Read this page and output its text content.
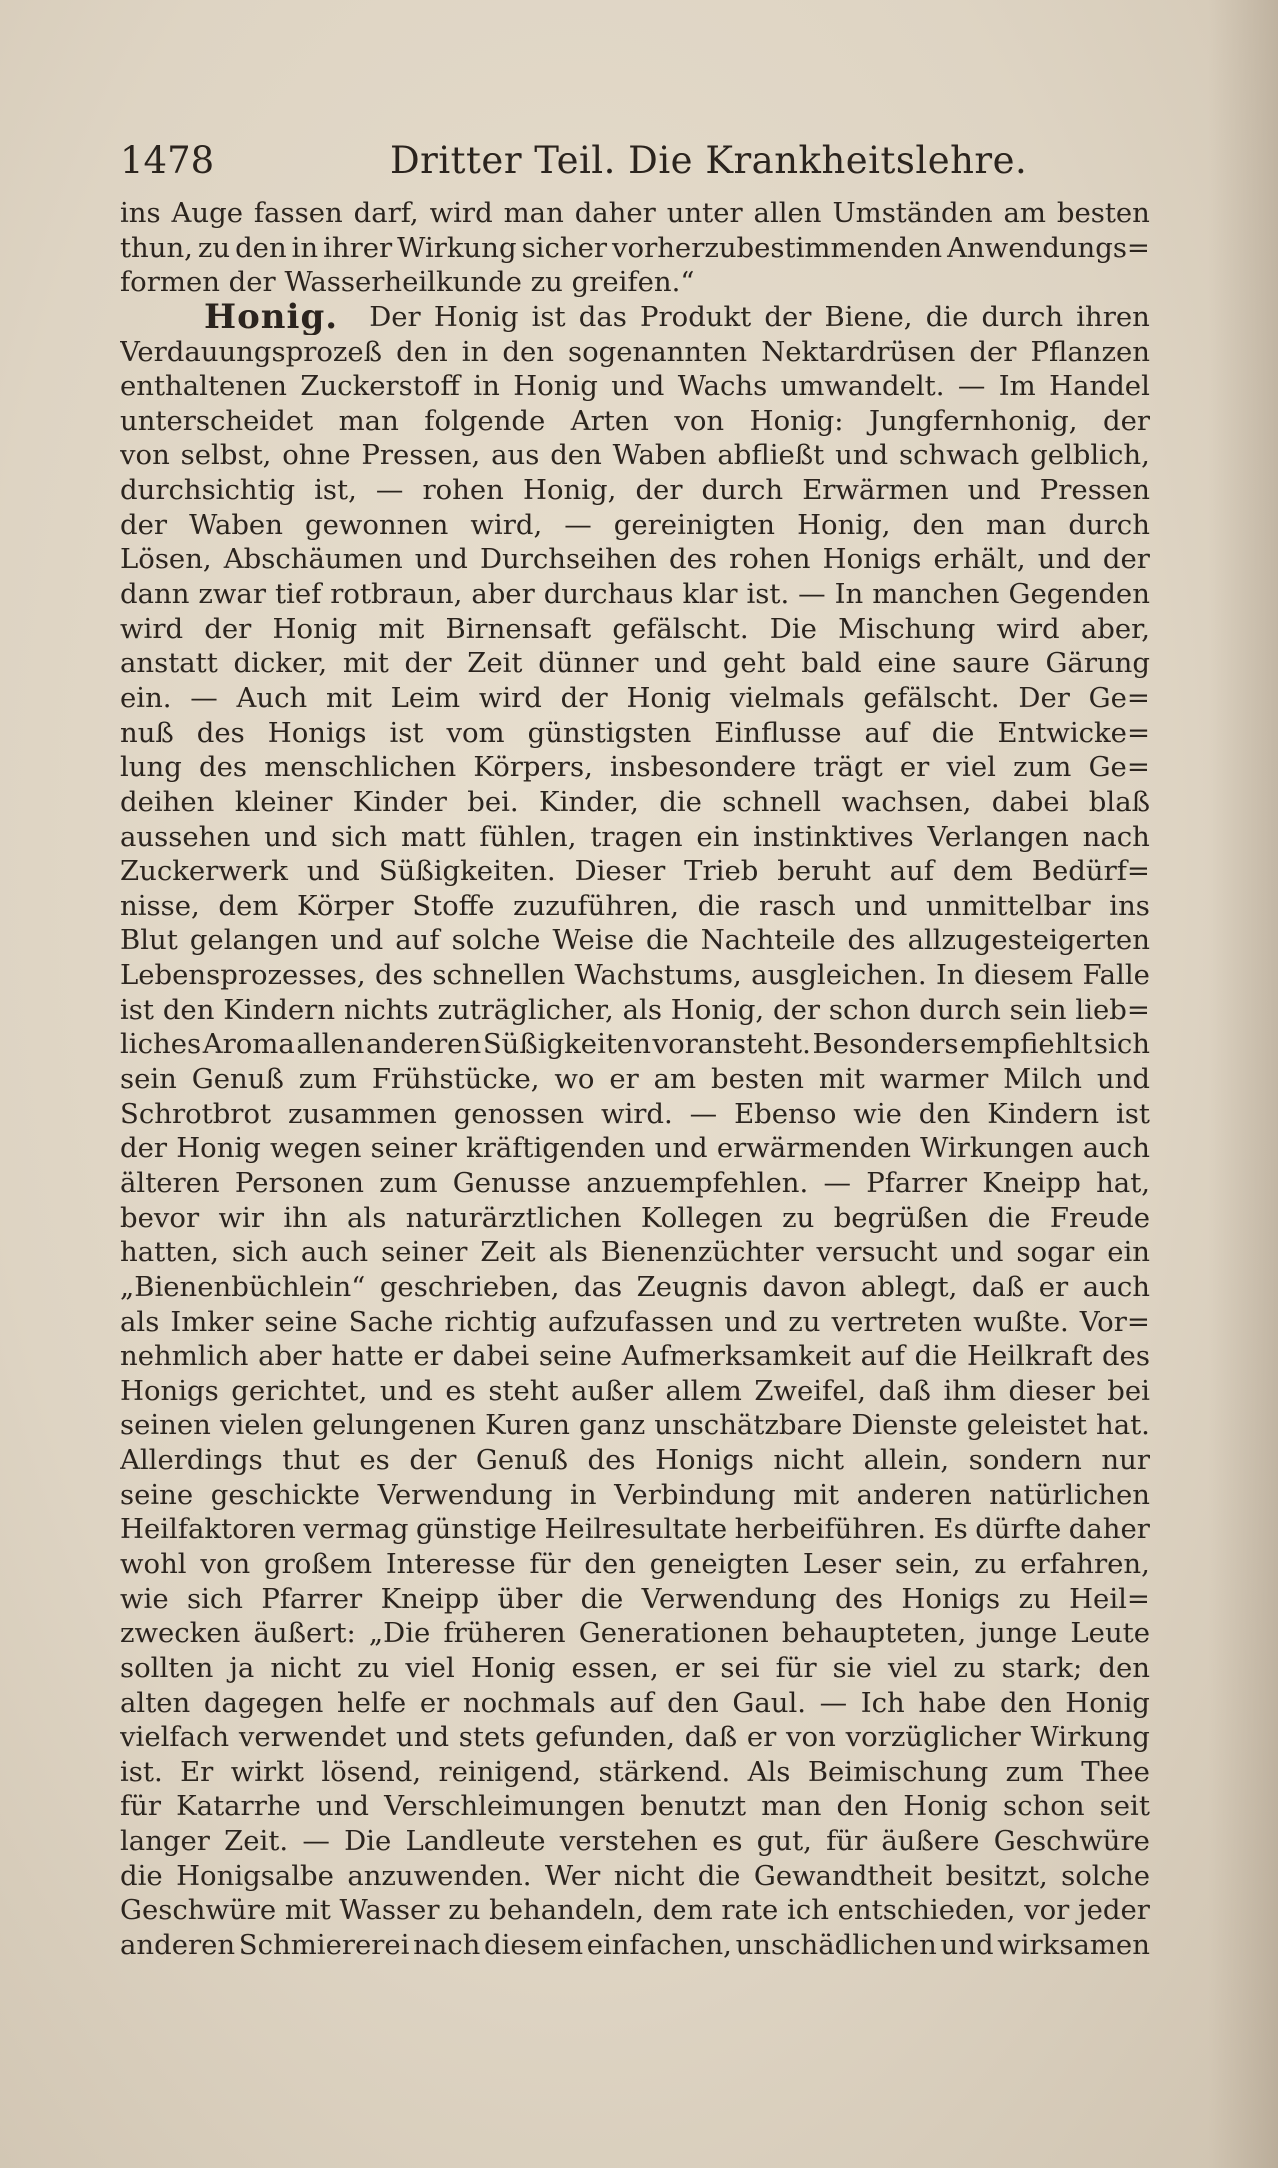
1478	Dritter Teil. Die Krankheitslehre.
ins Auge fassen darf, wird man daher unter allen Umständen am besten
thun, zu den in ihrer Wirkung sicher vorherzubestimmenden Anwendungs=
formen der Wasserheilkunde zu greifen.“
Honig. Der Honig ist das Produkt der Biene, die durch ihren
Verdauungsprozeß den in den sogenannten Nektardrüsen der Pflanzen
enthaltenen Zuckerstoff in Honig und Wachs umwandelt. — Im Handel
unterscheidet man folgende Arten von Honig: Jungfernhonig, der
von selbst, ohne Pressen, aus den Waben abfließt und schwach gelblich,
durchsichtig ist, — rohen Honig, der durch Erwärmen und Pressen
der Waben gewonnen wird, — gereinigten Honig, den man durch
Lösen, Abschäumen und Durchseihen des rohen Honigs erhält, und der
dann zwar tief rotbraun, aber durchaus klar ist. — In manchen Gegenden
wird der Honig mit Birnensaft gefälscht. Die Mischung wird aber,
anstatt dicker, mit der Zeit dünner und geht bald eine saure Gärung
ein. — Auch mit Leim wird der Honig vielmals gefälscht. Der Ge=
nuß des Honigs ist vom günstigsten Einflusse auf die Entwicke=
lung des menschlichen Körpers, insbesondere trägt er viel zum Ge=
deihen kleiner Kinder bei. Kinder, die schnell wachsen, dabei blaß
aussehen und sich matt fühlen, tragen ein instinktives Verlangen nach
Zuckerwerk und Süßigkeiten. Dieser Trieb beruht auf dem Bedürf=
nisse, dem Körper Stoffe zuzuführen, die rasch und unmittelbar ins
Blut gelangen und auf solche Weise die Nachteile des allzugesteigerten
Lebensprozesses, des schnellen Wachstums, ausgleichen. In diesem Falle
ist den Kindern nichts zuträglicher, als Honig, der schon durch sein lieb=
liches Aroma allen anderen Süßigkeiten voransteht. Besonders empfiehlt sich
sein Genuß zum Frühstücke, wo er am besten mit warmer Milch und
Schrotbrot zusammen genossen wird. — Ebenso wie den Kindern ist
der Honig wegen seiner kräftigenden und erwärmenden Wirkungen auch
älteren Personen zum Genusse anzuempfehlen. — Pfarrer Kneipp hat,
bevor wir ihn als naturärztlichen Kollegen zu begrüßen die Freude
hatten, sich auch seiner Zeit als Bienenzüchter versucht und sogar ein
„Bienenbüchlein“ geschrieben, das Zeugnis davon ablegt, daß er auch
als Imker seine Sache richtig aufzufassen und zu vertreten wußte. Vor=
nehmlich aber hatte er dabei seine Aufmerksamkeit auf die Heilkraft des
Honigs gerichtet, und es steht außer allem Zweifel, daß ihm dieser bei
seinen vielen gelungenen Kuren ganz unschätzbare Dienste geleistet hat.
Allerdings thut es der Genuß des Honigs nicht allein, sondern nur
seine geschickte Verwendung in Verbindung mit anderen natürlichen
Heilfaktoren vermag günstige Heilresultate herbeiführen. Es dürfte daher
wohl von großem Interesse für den geneigten Leser sein, zu erfahren,
wie sich Pfarrer Kneipp über die Verwendung des Honigs zu Heil=
zwecken äußert: „Die früheren Generationen behaupteten, junge Leute
sollten ja nicht zu viel Honig essen, er sei für sie viel zu stark; den
alten dagegen helfe er nochmals auf den Gaul. — Ich habe den Honig
vielfach verwendet und stets gefunden, daß er von vorzüglicher Wirkung
ist. Er wirkt lösend, reinigend, stärkend. Als Beimischung zum Thee
für Katarrhe und Verschleimungen benutzt man den Honig schon seit
langer Zeit. — Die Landleute verstehen es gut, für äußere Geschwüre
die Honigsalbe anzuwenden. Wer nicht die Gewandtheit besitzt, solche
Geschwüre mit Wasser zu behandeln, dem rate ich entschieden, vor jeder
anderen Schmiererei nach diesem einfachen, unschädlichen und wirksamen
